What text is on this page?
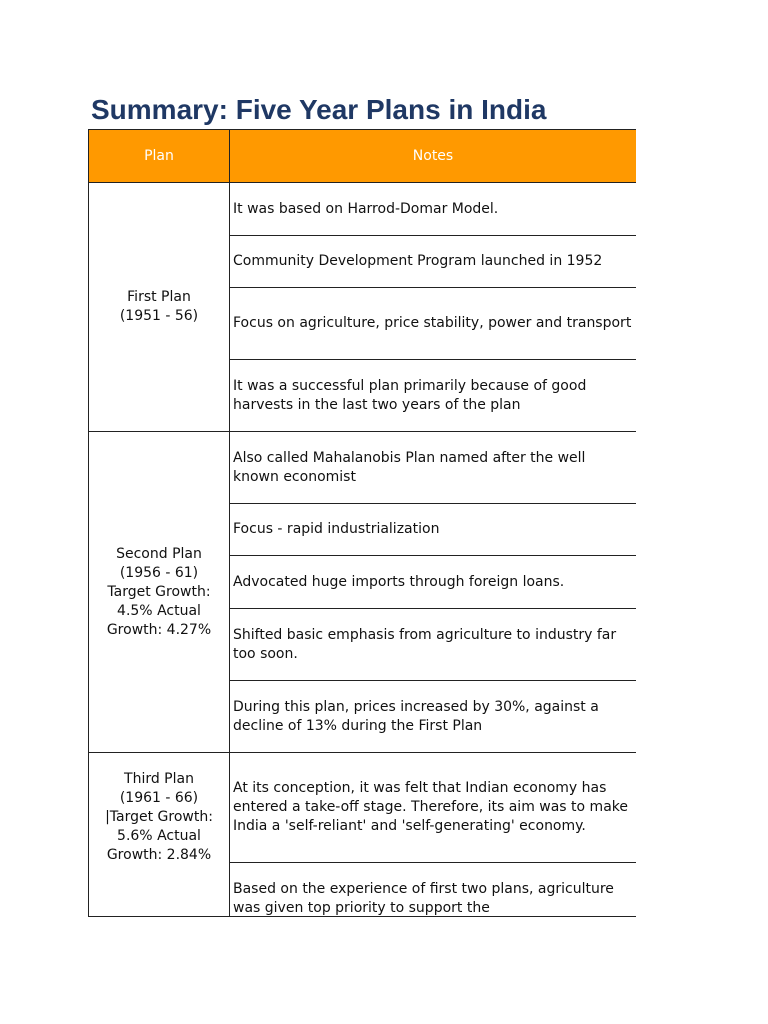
Summary: Five Year Plans in India
Plan	Notes
First Plan
(1951 - 56)	It was based on Harrod-Domar Model.
	Community Development Program launched in 1952
	Focus on agriculture, price stability, power and transport
	It was a successful plan primarily because of good harvests in the last two years of the plan
Second Plan
(1956 - 61)
Target Growth:
4.5% Actual
Growth: 4.27%	Also called Mahalanobis Plan named after the well known economist
	Focus - rapid industrialization
	Advocated huge imports through foreign loans.
	Shifted basic emphasis from agriculture to industry far too soon.
	During this plan, prices increased by 30%, against a decline of 13% during the First Plan
Third Plan
(1961 - 66)
|Target Growth:
5.6% Actual
Growth: 2.84%	At its conception, it was felt that Indian economy has entered a take-off stage. Therefore, its aim was to make India a 'self-reliant' and 'self-generating' economy.
	Based on the experience of first two plans, agriculture was given top priority to support the
